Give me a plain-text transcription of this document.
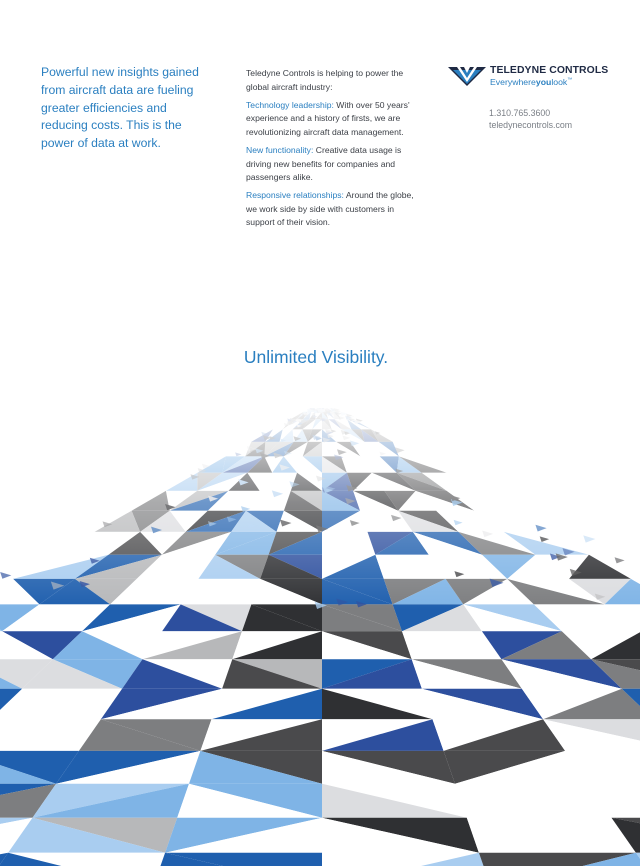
Powerful new insights gained from aircraft data are fueling greater efficiencies and reducing costs. This is the power of data at work.

Teledyne Controls is helping to power the global aircraft industry:

Technology leadership: With over 50 years' experience and a history of firsts, we are revolutionizing aircraft data management.

New functionality: Creative data usage is driving new benefits for companies and passengers alike.

Responsive relationships: Around the globe, we work side by side with customers in support of their vision.

TELEDYNE CONTROLS
Everywhereyoulook™
1.310.765.3600
teledynecontrols.com
Unlimited Visibility.
